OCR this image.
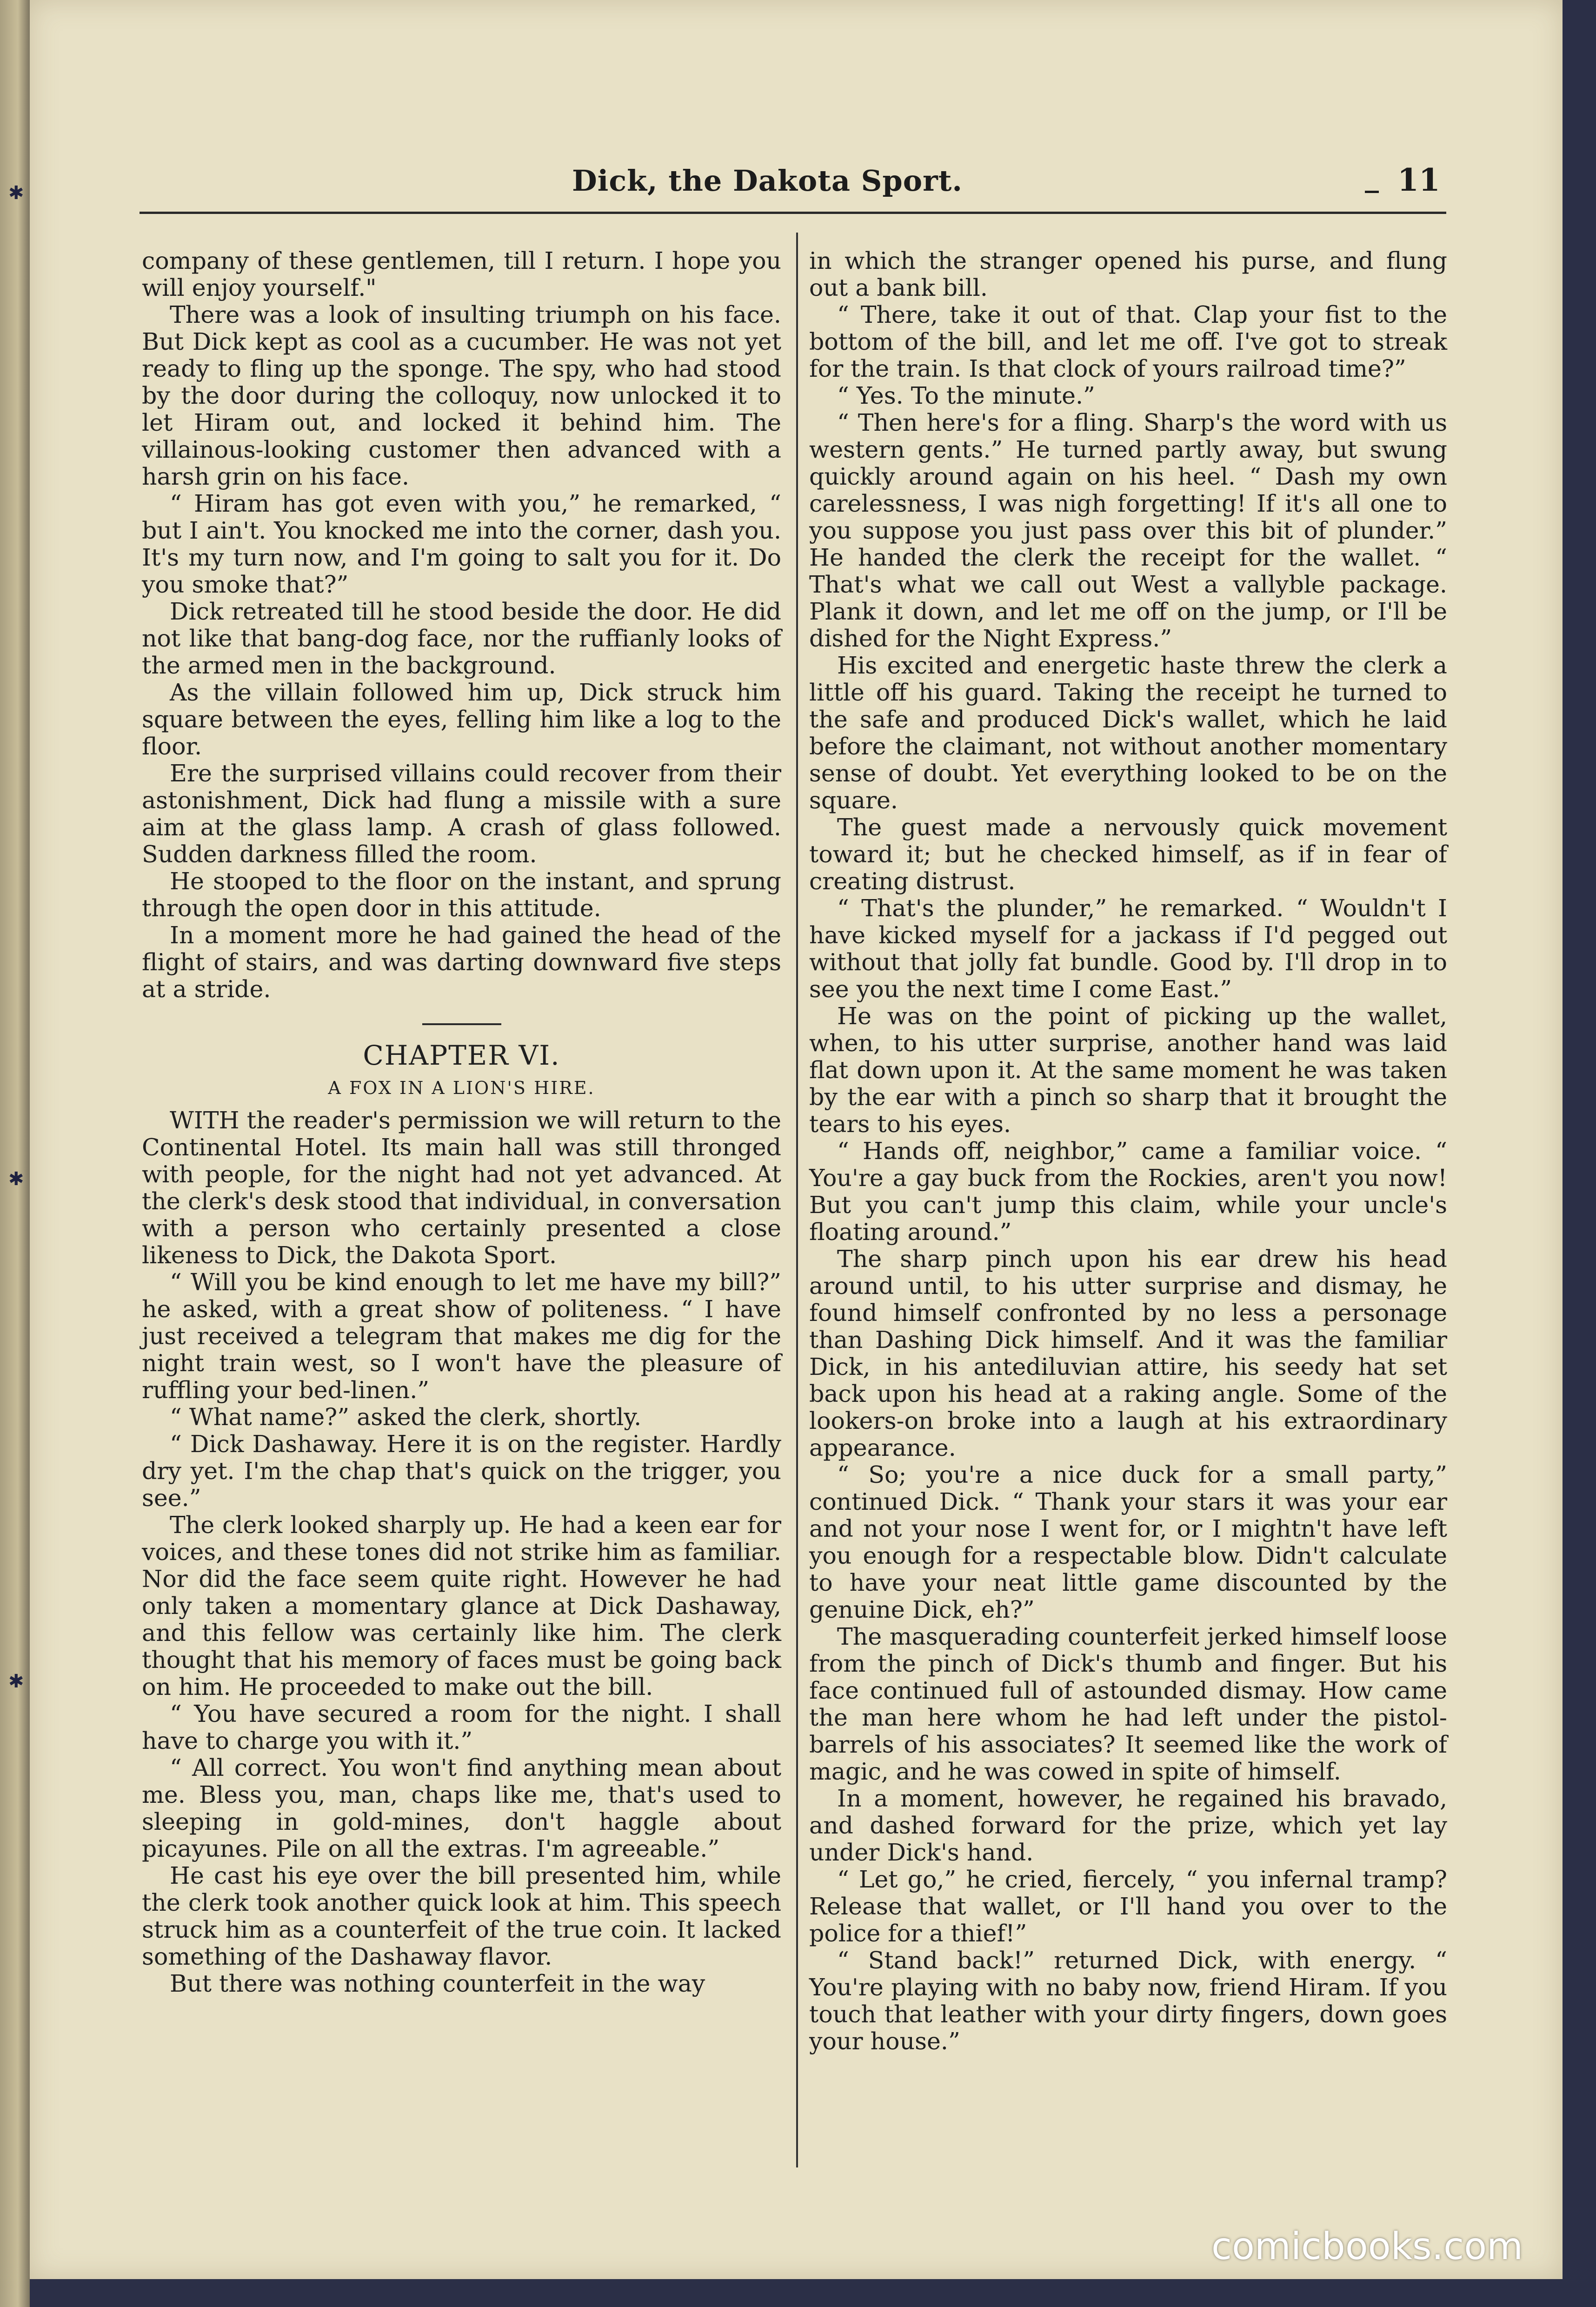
✱
✱
✱
Dick, the Dakota Sport.	11

company of these gentlemen, till I return. I hope you will enjoy yourself."

There was a look of insulting triumph on his face. But Dick kept as cool as a cucumber. He was not yet ready to fling up the sponge. The spy, who had stood by the door during the colloquy, now unlocked it to let Hiram out, and locked it behind him. The villainous-looking customer then advanced with a harsh grin on his face.

“ Hiram has got even with you,” he remarked, “ but I ain't. You knocked me into the corner, dash you. It's my turn now, and I'm going to salt you for it. Do you smoke that?”

Dick retreated till he stood beside the door. He did not like that bang-dog face, nor the ruffianly looks of the armed men in the background.

As the villain followed him up, Dick struck him square between the eyes, felling him like a log to the floor.

Ere the surprised villains could recover from their astonishment, Dick had flung a missile with a sure aim at the glass lamp. A crash of glass followed. Sudden darkness filled the room.

He stooped to the floor on the instant, and sprung through the open door in this attitude.

In a moment more he had gained the head of the flight of stairs, and was darting downward five steps at a stride.

CHAPTER VI.
A FOX IN A LION'S HIRE.

WITH the reader's permission we will return to the Continental Hotel. Its main hall was still thronged with people, for the night had not yet advanced. At the clerk's desk stood that individual, in conversation with a person who certainly presented a close likeness to Dick, the Dakota Sport.

“ Will you be kind enough to let me have my bill?” he asked, with a great show of politeness. “ I have just received a telegram that makes me dig for the night train west, so I won't have the pleasure of ruffling your bed-linen.”

“ What name?” asked the clerk, shortly.

“ Dick Dashaway. Here it is on the register. Hardly dry yet. I'm the chap that's quick on the trigger, you see.”

The clerk looked sharply up. He had a keen ear for voices, and these tones did not strike him as familiar. Nor did the face seem quite right. However he had only taken a momentary glance at Dick Dashaway, and this fellow was certainly like him. The clerk thought that his memory of faces must be going back on him. He proceeded to make out the bill.

“ You have secured a room for the night. I shall have to charge you with it.”

“ All correct. You won't find anything mean about me. Bless you, man, chaps like me, that's used to sleeping in gold-mines, don't haggle about picayunes. Pile on all the extras. I'm agreeable.”

He cast his eye over the bill presented him, while the clerk took another quick look at him. This speech struck him as a counterfeit of the true coin. It lacked something of the Dashaway flavor.

But there was nothing counterfeit in the way

in which the stranger opened his purse, and flung out a bank bill.

“ There, take it out of that. Clap your fist to the bottom of the bill, and let me off. I've got to streak for the train. Is that clock of yours railroad time?”

“ Yes. To the minute.”

“ Then here's for a fling. Sharp's the word with us western gents.” He turned partly away, but swung quickly around again on his heel. “ Dash my own carelessness, I was nigh forgetting! If it's all one to you suppose you just pass over this bit of plunder.” He handed the clerk the receipt for the wallet. “ That's what we call out West a vallyble package. Plank it down, and let me off on the jump, or I'll be dished for the Night Express.”

His excited and energetic haste threw the clerk a little off his guard. Taking the receipt he turned to the safe and produced Dick's wallet, which he laid before the claimant, not without another momentary sense of doubt. Yet everything looked to be on the square.

The guest made a nervously quick movement toward it; but he checked himself, as if in fear of creating distrust.

“ That's the plunder,” he remarked. “ Wouldn't I have kicked myself for a jackass if I'd pegged out without that jolly fat bundle. Good by. I'll drop in to see you the next time I come East.”

He was on the point of picking up the wallet, when, to his utter surprise, another hand was laid flat down upon it. At the same moment he was taken by the ear with a pinch so sharp that it brought the tears to his eyes.

“ Hands off, neighbor,” came a familiar voice. “ You're a gay buck from the Rockies, aren't you now! But you can't jump this claim, while your uncle's floating around.”

The sharp pinch upon his ear drew his head around until, to his utter surprise and dismay, he found himself confronted by no less a personage than Dashing Dick himself. And it was the familiar Dick, in his antediluvian attire, his seedy hat set back upon his head at a raking angle. Some of the lookers-on broke into a laugh at his extraordinary appearance.

“ So; you're a nice duck for a small party,” continued Dick. “ Thank your stars it was your ear and not your nose I went for, or I mightn't have left you enough for a respectable blow. Didn't calculate to have your neat little game discounted by the genuine Dick, eh?”

The masquerading counterfeit jerked himself loose from the pinch of Dick's thumb and finger. But his face continued full of astounded dismay. How came the man here whom he had left under the pistol-barrels of his associates? It seemed like the work of magic, and he was cowed in spite of himself.

In a moment, however, he regained his bravado, and dashed forward for the prize, which yet lay under Dick's hand.

“ Let go,” he cried, fiercely, “ you infernal tramp? Release that wallet, or I'll hand you over to the police for a thief!”

“ Stand back!” returned Dick, with energy. “ You're playing with no baby now, friend Hiram. If you touch that leather with your dirty fingers, down goes your house.”

comicbooks.com
